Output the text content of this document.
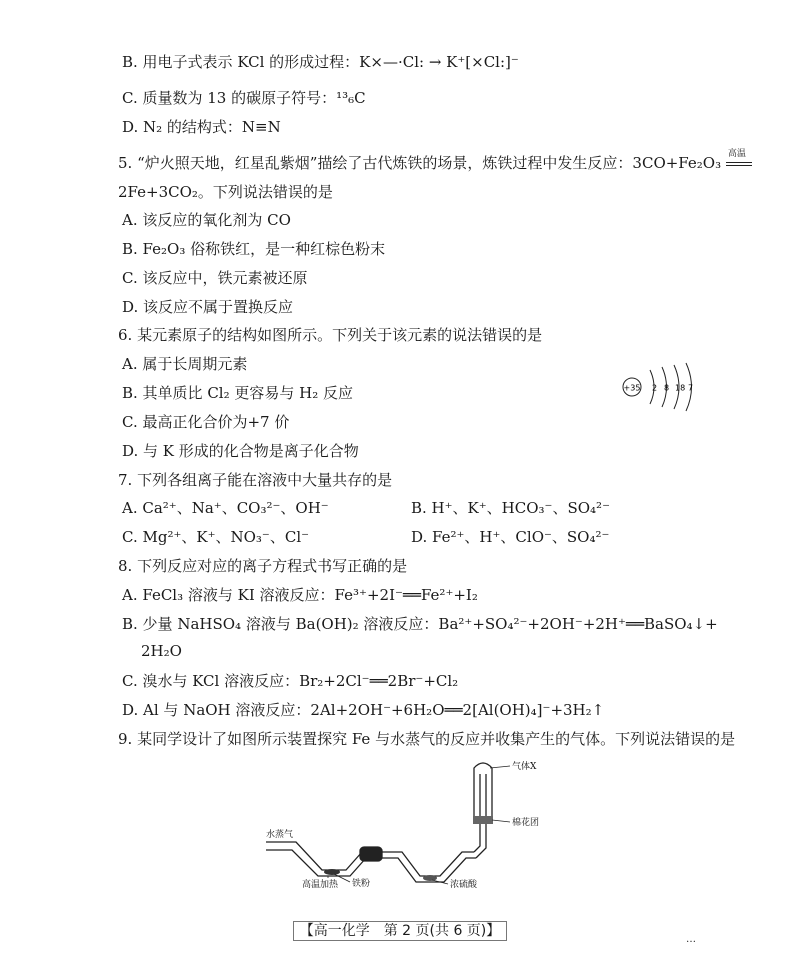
B. 用电子式表示 KCl 的形成过程：K×—·Cl: → K⁺[×Cl:]⁻
C. 质量数为 13 的碳原子符号：¹³₆C
D. N₂ 的结构式：N≡N
5. “炉火照天地，红星乱紫烟”描绘了古代炼铁的场景，炼铁过程中发生反应：3CO+Fe₂O₃ 高温
2Fe+3CO₂。下列说法错误的是
A. 该反应的氧化剂为 CO
B. Fe₂O₃ 俗称铁红，是一种红棕色粉末
C. 该反应中，铁元素被还原
D. 该反应不属于置换反应
6. 某元素原子的结构如图所示。下列关于该元素的说法错误的是
A. 属于长周期元素
B. 其单质比 Cl₂ 更容易与 H₂ 反应
C. 最高正化合价为+7 价
D. 与 K 形成的化合物是离子化合物
+35 2 8 18 7
7. 下列各组离子能在溶液中大量共存的是
A. Ca²⁺、Na⁺、CO₃²⁻、OH⁻	B. H⁺、K⁺、HCO₃⁻、SO₄²⁻
C. Mg²⁺、K⁺、NO₃⁻、Cl⁻	D. Fe²⁺、H⁺、ClO⁻、SO₄²⁻
8. 下列反应对应的离子方程式书写正确的是
A. FeCl₃ 溶液与 KI 溶液反应：Fe³⁺+2I⁻══Fe²⁺+I₂
B. 少量 NaHSO₄ 溶液与 Ba(OH)₂ 溶液反应：Ba²⁺+SO₄²⁻+2OH⁻+2H⁺══BaSO₄↓+
2H₂O
C. 溴水与 KCl 溶液反应：Br₂+2Cl⁻══2Br⁻+Cl₂
D. Al 与 NaOH 溶液反应：2Al+2OH⁻+6H₂O══2[Al(OH)₄]⁻+3H₂↑
9. 某同学设计了如图所示装置探究 Fe 与水蒸气的反应并收集产生的气体。下列说法错误的是
水蒸气
铁粉
高温加热	浓硫酸
棉花团
气体X
【高一化学　第 2 页(共 6 页)】
…
